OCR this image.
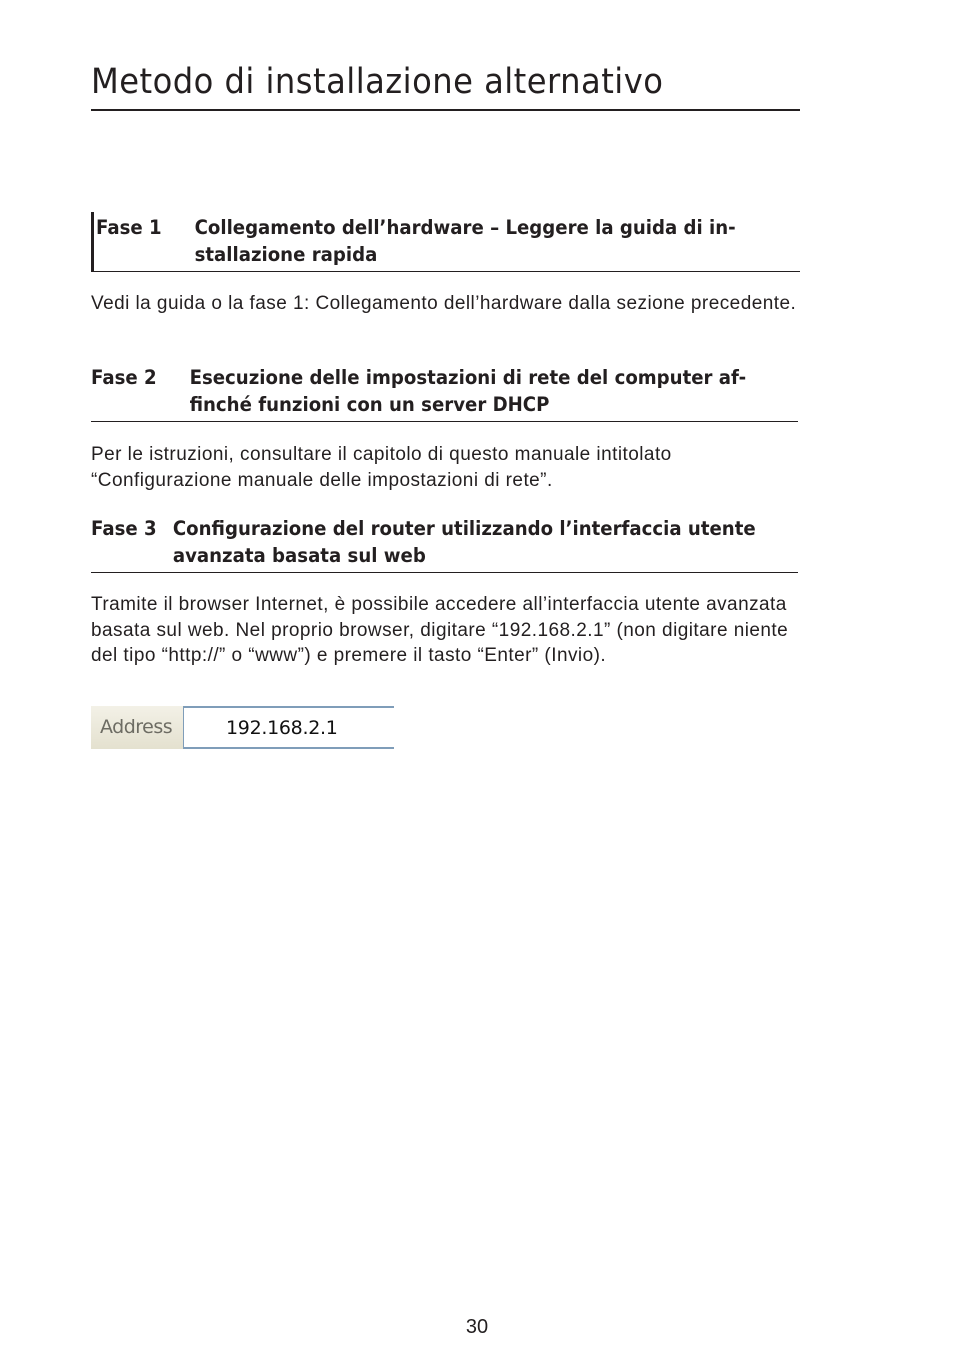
Metodo di installazione alternativo
Fase 1	Collegamento dell’hardware – Leggere la guida di in-stallazione rapida

Vedi la guida o la fase 1: Collegamento dell’hardware dalla sezione precedente.

Fase 2	Esecuzione delle impostazioni di rete del computer af-finché funzioni con un server DHCP

Per le istruzioni, consultare il capitolo di questo manuale intitolato “Configurazione manuale delle impostazioni di rete”.

Fase 3 Configurazione del router utilizzando l’interfaccia utente avanzata basata sul web

Tramite il browser Internet, è possibile accedere all’interfaccia utente avanzata basata sul web. Nel proprio browser, digitare “192.168.2.1” (non digitare niente del tipo “http://” o “www”) e premere il tasto “Enter” (Invio).

Address	192.168.2.1
30
